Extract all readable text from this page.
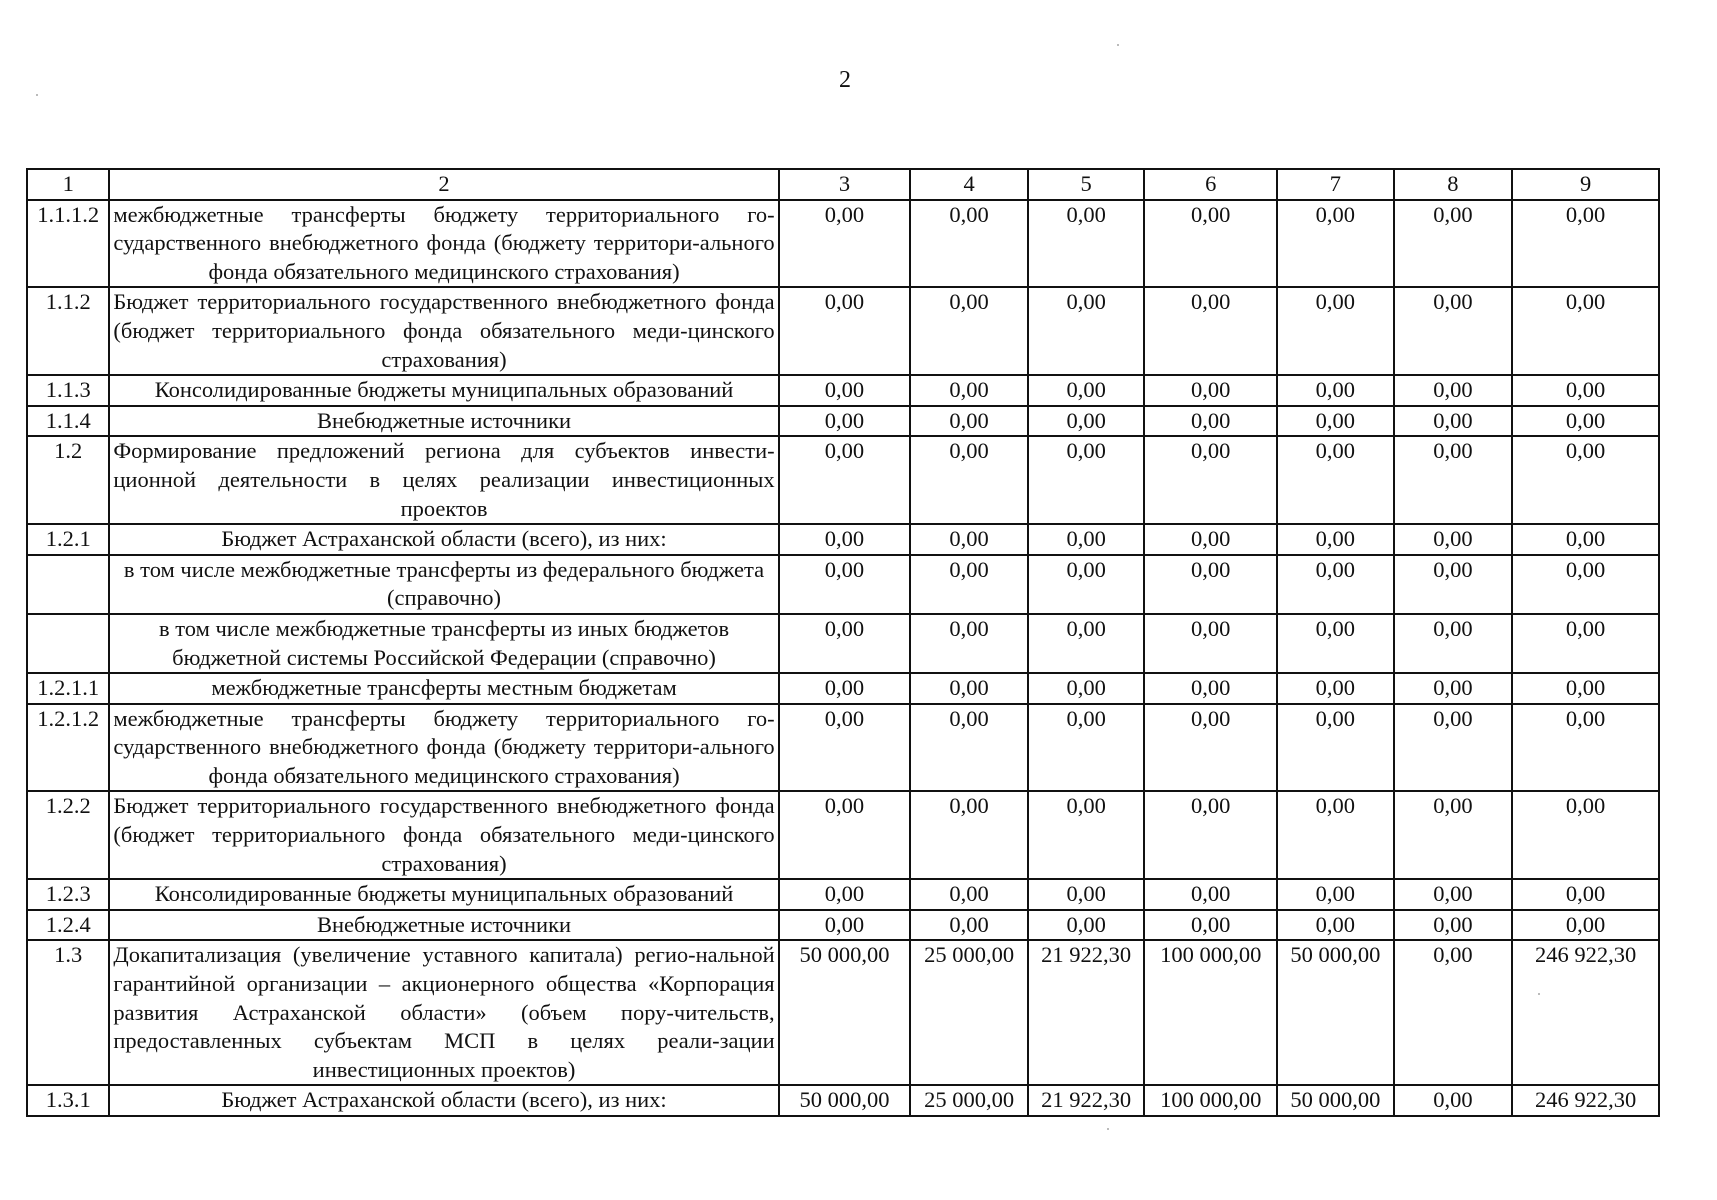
2
1	2	3	4	5	6	7	8	9
1.1.1.2	межбюджетные трансферты бюджету территориального го-сударственного внебюджетного фонда (бюджету территори-ального фонда обязательного медицинского страхования)	0,00	0,00	0,00	0,00	0,00	0,00	0,00
1.1.2	Бюджет территориального государственного внебюджетного фонда (бюджет территориального фонда обязательного меди-цинского страхования)	0,00	0,00	0,00	0,00	0,00	0,00	0,00
1.1.3	Консолидированные бюджеты муниципальных образований	0,00	0,00	0,00	0,00	0,00	0,00	0,00
1.1.4	Внебюджетные источники	0,00	0,00	0,00	0,00	0,00	0,00	0,00
1.2	Формирование предложений региона для субъектов инвести-ционной деятельности в целях реализации инвестиционных проектов	0,00	0,00	0,00	0,00	0,00	0,00	0,00
1.2.1	Бюджет Астраханской области (всего), из них:	0,00	0,00	0,00	0,00	0,00	0,00	0,00
	в том числе межбюджетные трансферты из федерального бюджета (справочно)	0,00	0,00	0,00	0,00	0,00	0,00	0,00
	в том числе межбюджетные трансферты из иных бюджетов бюджетной системы Российской Федерации (справочно)	0,00	0,00	0,00	0,00	0,00	0,00	0,00
1.2.1.1	межбюджетные трансферты местным бюджетам	0,00	0,00	0,00	0,00	0,00	0,00	0,00
1.2.1.2	межбюджетные трансферты бюджету территориального го-сударственного внебюджетного фонда (бюджету территори-ального фонда обязательного медицинского страхования)	0,00	0,00	0,00	0,00	0,00	0,00	0,00
1.2.2	Бюджет территориального государственного внебюджетного фонда (бюджет территориального фонда обязательного меди-цинского страхования)	0,00	0,00	0,00	0,00	0,00	0,00	0,00
1.2.3	Консолидированные бюджеты муниципальных образований	0,00	0,00	0,00	0,00	0,00	0,00	0,00
1.2.4	Внебюджетные источники	0,00	0,00	0,00	0,00	0,00	0,00	0,00
1.3	Докапитализация (увеличение уставного капитала) регио-нальной гарантийной организации – акционерного общества «Корпорация развития Астраханской области» (объем пору-чительств, предоставленных субъектам МСП в целях реали-зации инвестиционных проектов)	50 000,00	25 000,00	21 922,30	100 000,00	50 000,00	0,00	246 922,30
1.3.1	Бюджет Астраханской области (всего), из них:	50 000,00	25 000,00	21 922,30	100 000,00	50 000,00	0,00	246 922,30
